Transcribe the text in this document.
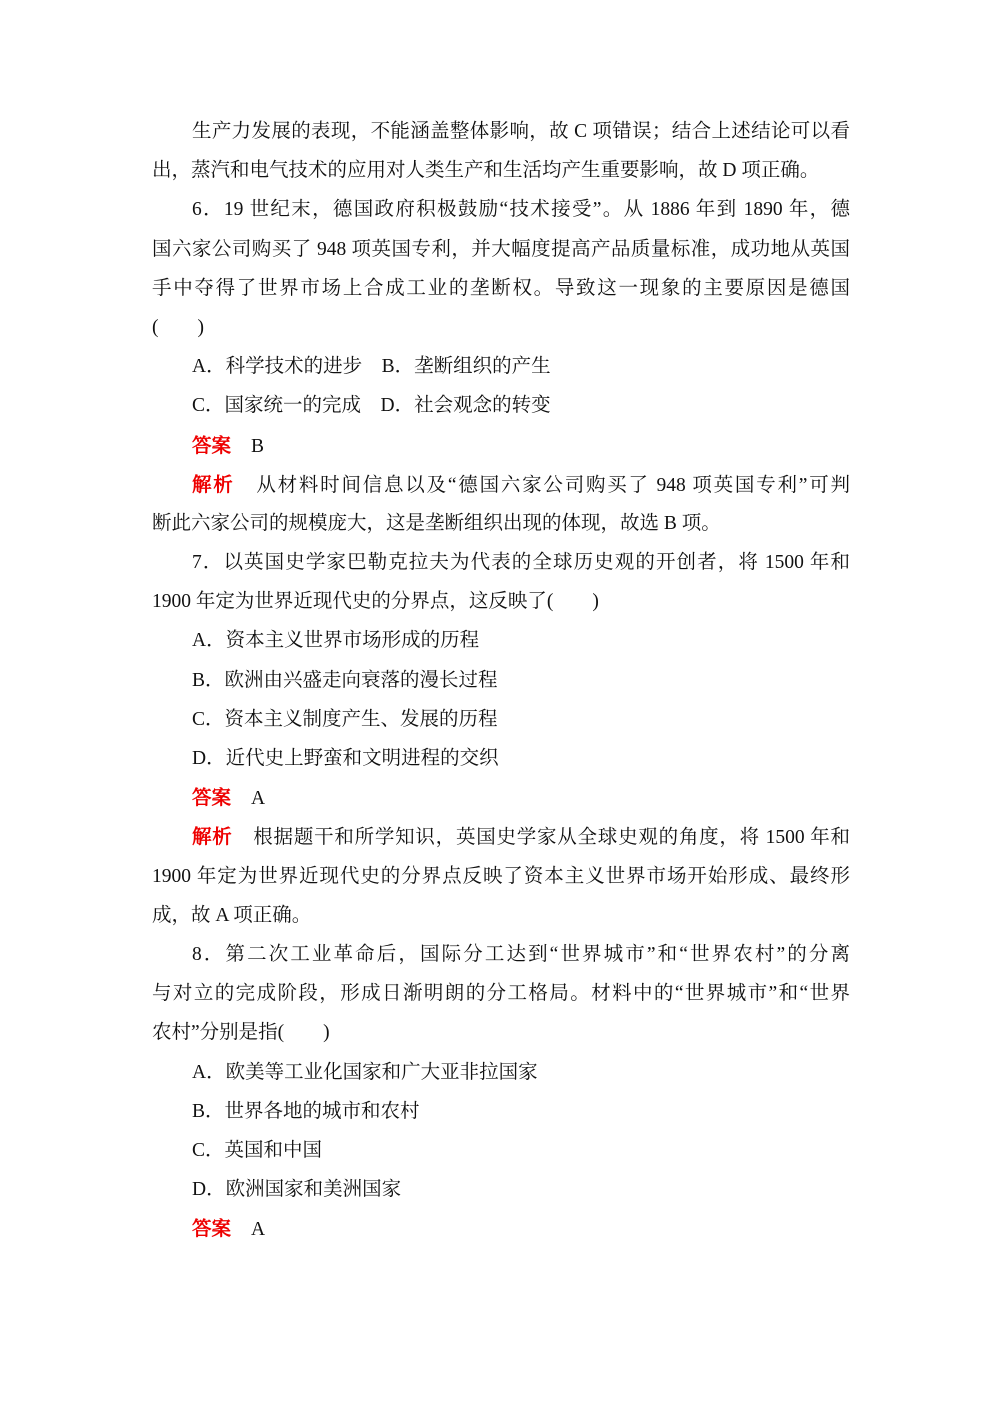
生产力发展的表现，不能涵盖整体影响，故 C 项错误；结合上述结论可以看
出，蒸汽和电气技术的应用对人类生产和生活均产生重要影响，故 D 项正确。
6．19 世纪末，德国政府积极鼓励“技术接受”。从 1886 年到 1890 年，德
国六家公司购买了 948 项英国专利，并大幅度提高产品质量标准，成功地从英国
手中夺得了世界市场上合成工业的垄断权。导致这一现象的主要原因是德国
(　　)
A．科学技术的进步　B．垄断组织的产生
C．国家统一的完成　D．社会观念的转变
答案 B
解析 从材料时间信息以及“德国六家公司购买了 948 项英国专利”可判
断此六家公司的规模庞大，这是垄断组织出现的体现，故选 B 项。
7．以英国史学家巴勒克拉夫为代表的全球历史观的开创者，将 1500 年和
1900 年定为世界近现代史的分界点，这反映了(　　)
A．资本主义世界市场形成的历程
B．欧洲由兴盛走向衰落的漫长过程
C．资本主义制度产生、发展的历程
D．近代史上野蛮和文明进程的交织
答案 A
解析 根据题干和所学知识，英国史学家从全球史观的角度，将 1500 年和
1900 年定为世界近现代史的分界点反映了资本主义世界市场开始形成、最终形
成，故 A 项正确。
8．第二次工业革命后，国际分工达到“世界城市”和“世界农村”的分离
与对立的完成阶段，形成日渐明朗的分工格局。材料中的“世界城市”和“世界
农村”分别是指(　　)
A．欧美等工业化国家和广大亚非拉国家
B．世界各地的城市和农村
C．英国和中国
D．欧洲国家和美洲国家
答案 A
